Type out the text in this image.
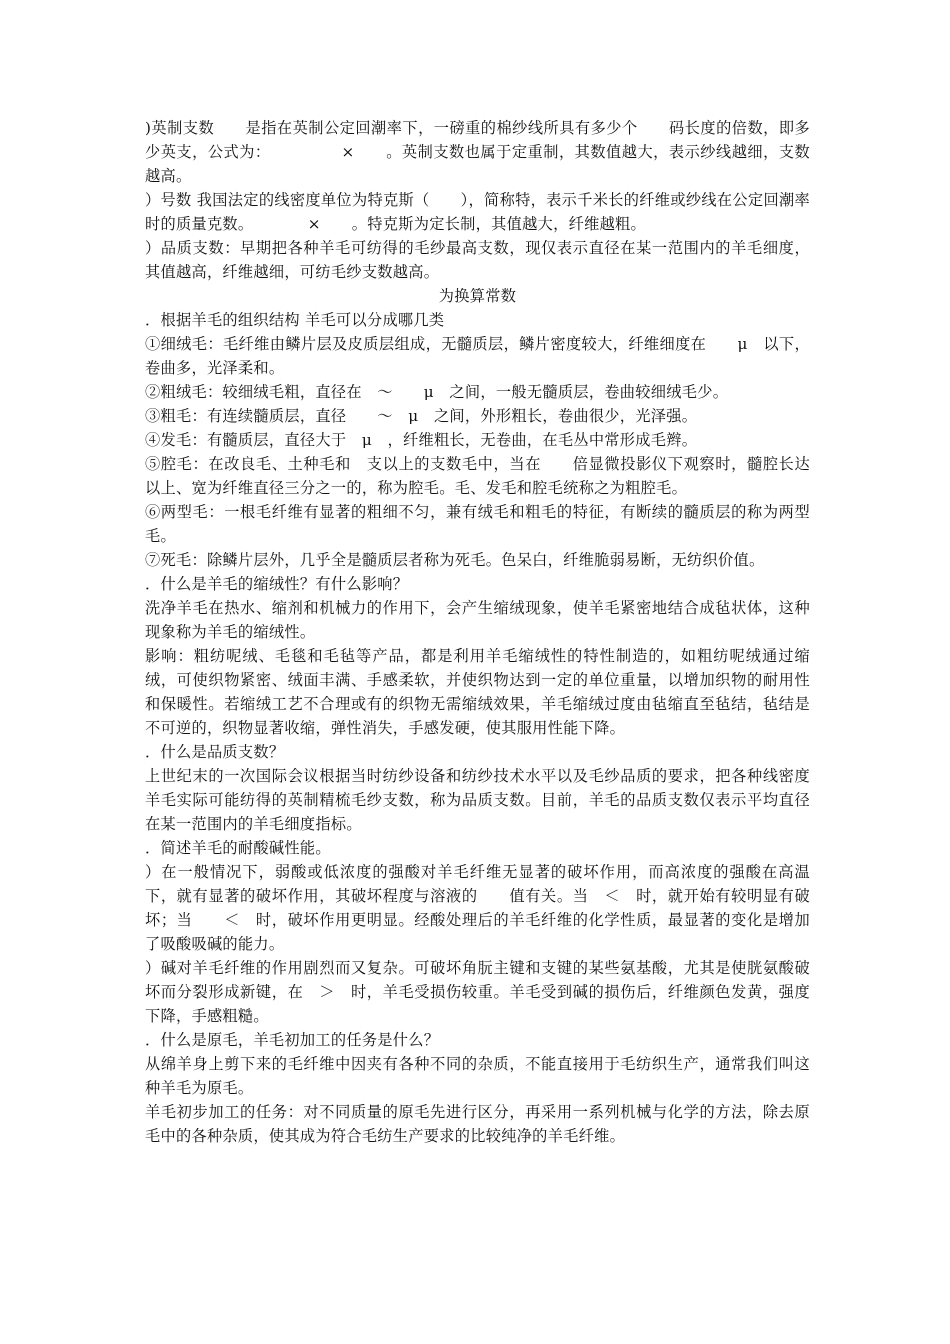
)英制支数　　是指在英制公定回潮率下，一磅重的棉纱线所具有多少个　　码长度的倍数，即多少英支，公式为：　　　　　×　　。英制支数也属于定重制，其数值越大，表示纱线越细，支数越高。

）号数 我国法定的线密度单位为特克斯（　　），简称特，表示千米长的纤维或纱线在公定回潮率时的质量克数。　　　　×　　。特克斯为定长制，其值越大，纤维越粗。

）品质支数：早期把各种羊毛可纺得的毛纱最高支数，现仅表示直径在某一范围内的羊毛细度，其值越高，纤维越细，可纺毛纱支数越高。

为换算常数

．根据羊毛的组织结构 羊毛可以分成哪几类

①细绒毛：毛纤维由鳞片层及皮质层组成，无髓质层，鳞片密度较大，纤维细度在　　μ　以下，卷曲多，光泽柔和。

②粗绒毛：较细绒毛粗，直径在　～　　μ　之间，一般无髓质层，卷曲较细绒毛少。

③粗毛：有连续髓质层，直径　　～　μ　之间，外形粗长，卷曲很少，光泽强。

④发毛：有髓质层，直径大于　μ　，纤维粗长，无卷曲，在毛丛中常形成毛辫。

⑤腔毛：在改良毛、土种毛和　支以上的支数毛中，当在　　倍显微投影仪下观察时，髓腔长达　　以上、宽为纤维直径三分之一的，称为腔毛。毛、发毛和腔毛统称之为粗腔毛。

⑥两型毛：一根毛纤维有显著的粗细不匀，兼有绒毛和粗毛的特征，有断续的髓质层的称为两型毛。

⑦死毛：除鳞片层外，几乎全是髓质层者称为死毛。色呆白，纤维脆弱易断，无纺织价值。

．什么是羊毛的缩绒性？有什么影响？

洗净羊毛在热水、缩剂和机械力的作用下，会产生缩绒现象，使羊毛紧密地结合成毡状体，这种现象称为羊毛的缩绒性。

影响：粗纺呢绒、毛毯和毛毡等产品，都是利用羊毛缩绒性的特性制造的，如粗纺呢绒通过缩绒，可使织物紧密、绒面丰满、手感柔软，并使织物达到一定的单位重量，以增加织物的耐用性和保暖性。若缩绒工艺不合理或有的织物无需缩绒效果，羊毛缩绒过度由毡缩直至毡结，毡结是不可逆的，织物显著收缩，弹性消失，手感发硬，使其服用性能下降。

．什么是品质支数？

上世纪末的一次国际会议根据当时纺纱设备和纺纱技术水平以及毛纱品质的要求，把各种线密度羊毛实际可能纺得的英制精梳毛纱支数，称为品质支数。目前，羊毛的品质支数仅表示平均直径在某一范围内的羊毛细度指标。

．简述羊毛的耐酸碱性能。

）在一般情况下，弱酸或低浓度的强酸对羊毛纤维无显著的破坏作用，而高浓度的强酸在高温下，就有显著的破坏作用，其破坏程度与溶液的　　值有关。当　＜　时，就开始有较明显有破坏；当　　＜　时，破坏作用更明显。经酸处理后的羊毛纤维的化学性质，最显著的变化是增加了吸酸吸碱的能力。

）碱对羊毛纤维的作用剧烈而又复杂。可破坏角朊主键和支键的某些氨基酸，尤其是使胱氨酸破坏而分裂形成新键，在　＞　时，羊毛受损伤较重。羊毛受到碱的损伤后，纤维颜色发黄，强度下降，手感粗糙。

．什么是原毛，羊毛初加工的任务是什么？

从绵羊身上剪下来的毛纤维中因夹有各种不同的杂质，不能直接用于毛纺织生产，通常我们叫这种羊毛为原毛。

羊毛初步加工的任务：对不同质量的原毛先进行区分，再采用一系列机械与化学的方法，除去原毛中的各种杂质，使其成为符合毛纺生产要求的比较纯净的羊毛纤维。
